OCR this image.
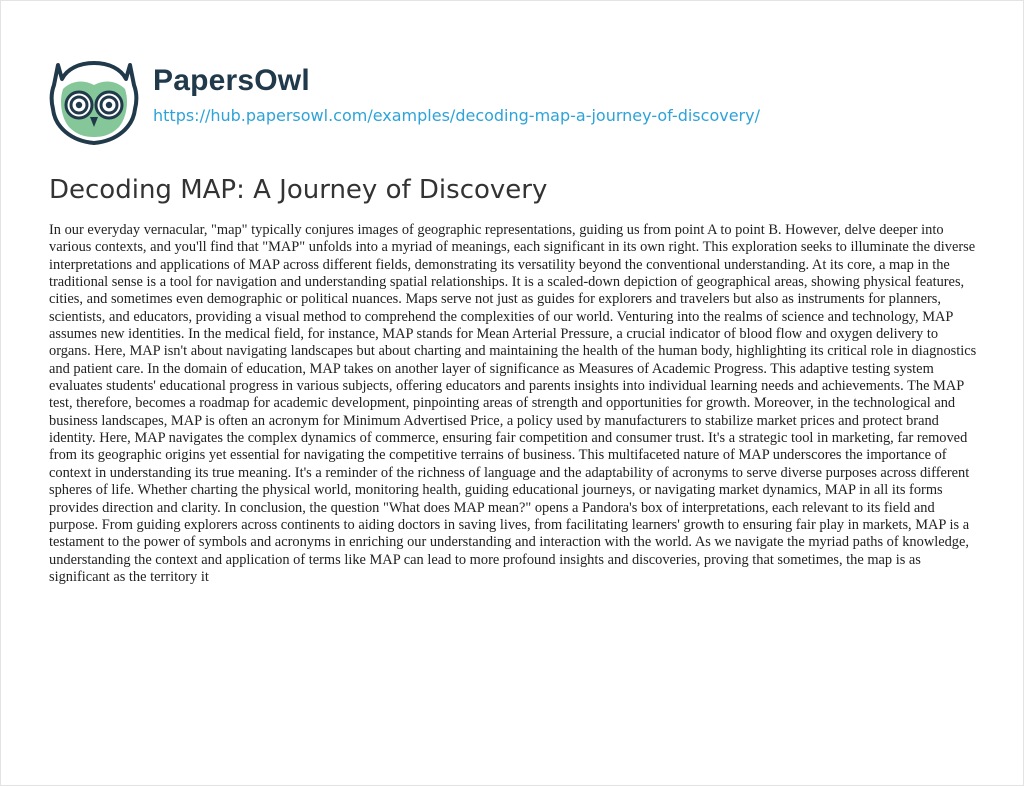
PapersOwl
https://hub.papersowl.com/examples/decoding-map-a-journey-of-discovery/
Decoding MAP: A Journey of Discovery

In our everyday vernacular, "map" typically conjures images of geographic representations, guiding us from point A to point B. However, delve deeper into various contexts, and you'll find that "MAP" unfolds into a myriad of meanings, each significant in its own right. This exploration seeks to illuminate the diverse interpretations and applications of MAP across different fields, demonstrating its versatility beyond the conventional understanding. At its core, a map in the traditional sense is a tool for navigation and understanding spatial relationships. It is a scaled-down depiction of geographical areas, showing physical features, cities, and sometimes even demographic or political nuances. Maps serve not just as guides for explorers and travelers but also as instruments for planners, scientists, and educators, providing a visual method to comprehend the complexities of our world. Venturing into the realms of science and technology, MAP assumes new identities. In the medical field, for instance, MAP stands for Mean Arterial Pressure, a crucial indicator of blood flow and oxygen delivery to organs. Here, MAP isn't about navigating landscapes but about charting and maintaining the health of the human body, highlighting its critical role in diagnostics and patient care. In the domain of education, MAP takes on another layer of significance as Measures of Academic Progress. This adaptive testing system evaluates students' educational progress in various subjects, offering educators and parents insights into individual learning needs and achievements. The MAP test, therefore, becomes a roadmap for academic development, pinpointing areas of strength and opportunities for growth. Moreover, in the technological and business landscapes, MAP is often an acronym for Minimum Advertised Price, a policy used by manufacturers to stabilize market prices and protect brand identity. Here, MAP navigates the complex dynamics of commerce, ensuring fair competition and consumer trust. It's a strategic tool in marketing, far removed from its geographic origins yet essential for navigating the competitive terrains of business. This multifaceted nature of MAP underscores the importance of context in understanding its true meaning. It's a reminder of the richness of language and the adaptability of acronyms to serve diverse purposes across different spheres of life. Whether charting the physical world, monitoring health, guiding educational journeys, or navigating market dynamics, MAP in all its forms provides direction and clarity. In conclusion, the question "What does MAP mean?" opens a Pandora's box of interpretations, each relevant to its field and purpose. From guiding explorers across continents to aiding doctors in saving lives, from facilitating learners' growth to ensuring fair play in markets, MAP is a testament to the power of symbols and acronyms in enriching our understanding and interaction with the world. As we navigate the myriad paths of knowledge, understanding the context and application of terms like MAP can lead to more profound insights and discoveries, proving that sometimes, the map is as significant as the territory it
